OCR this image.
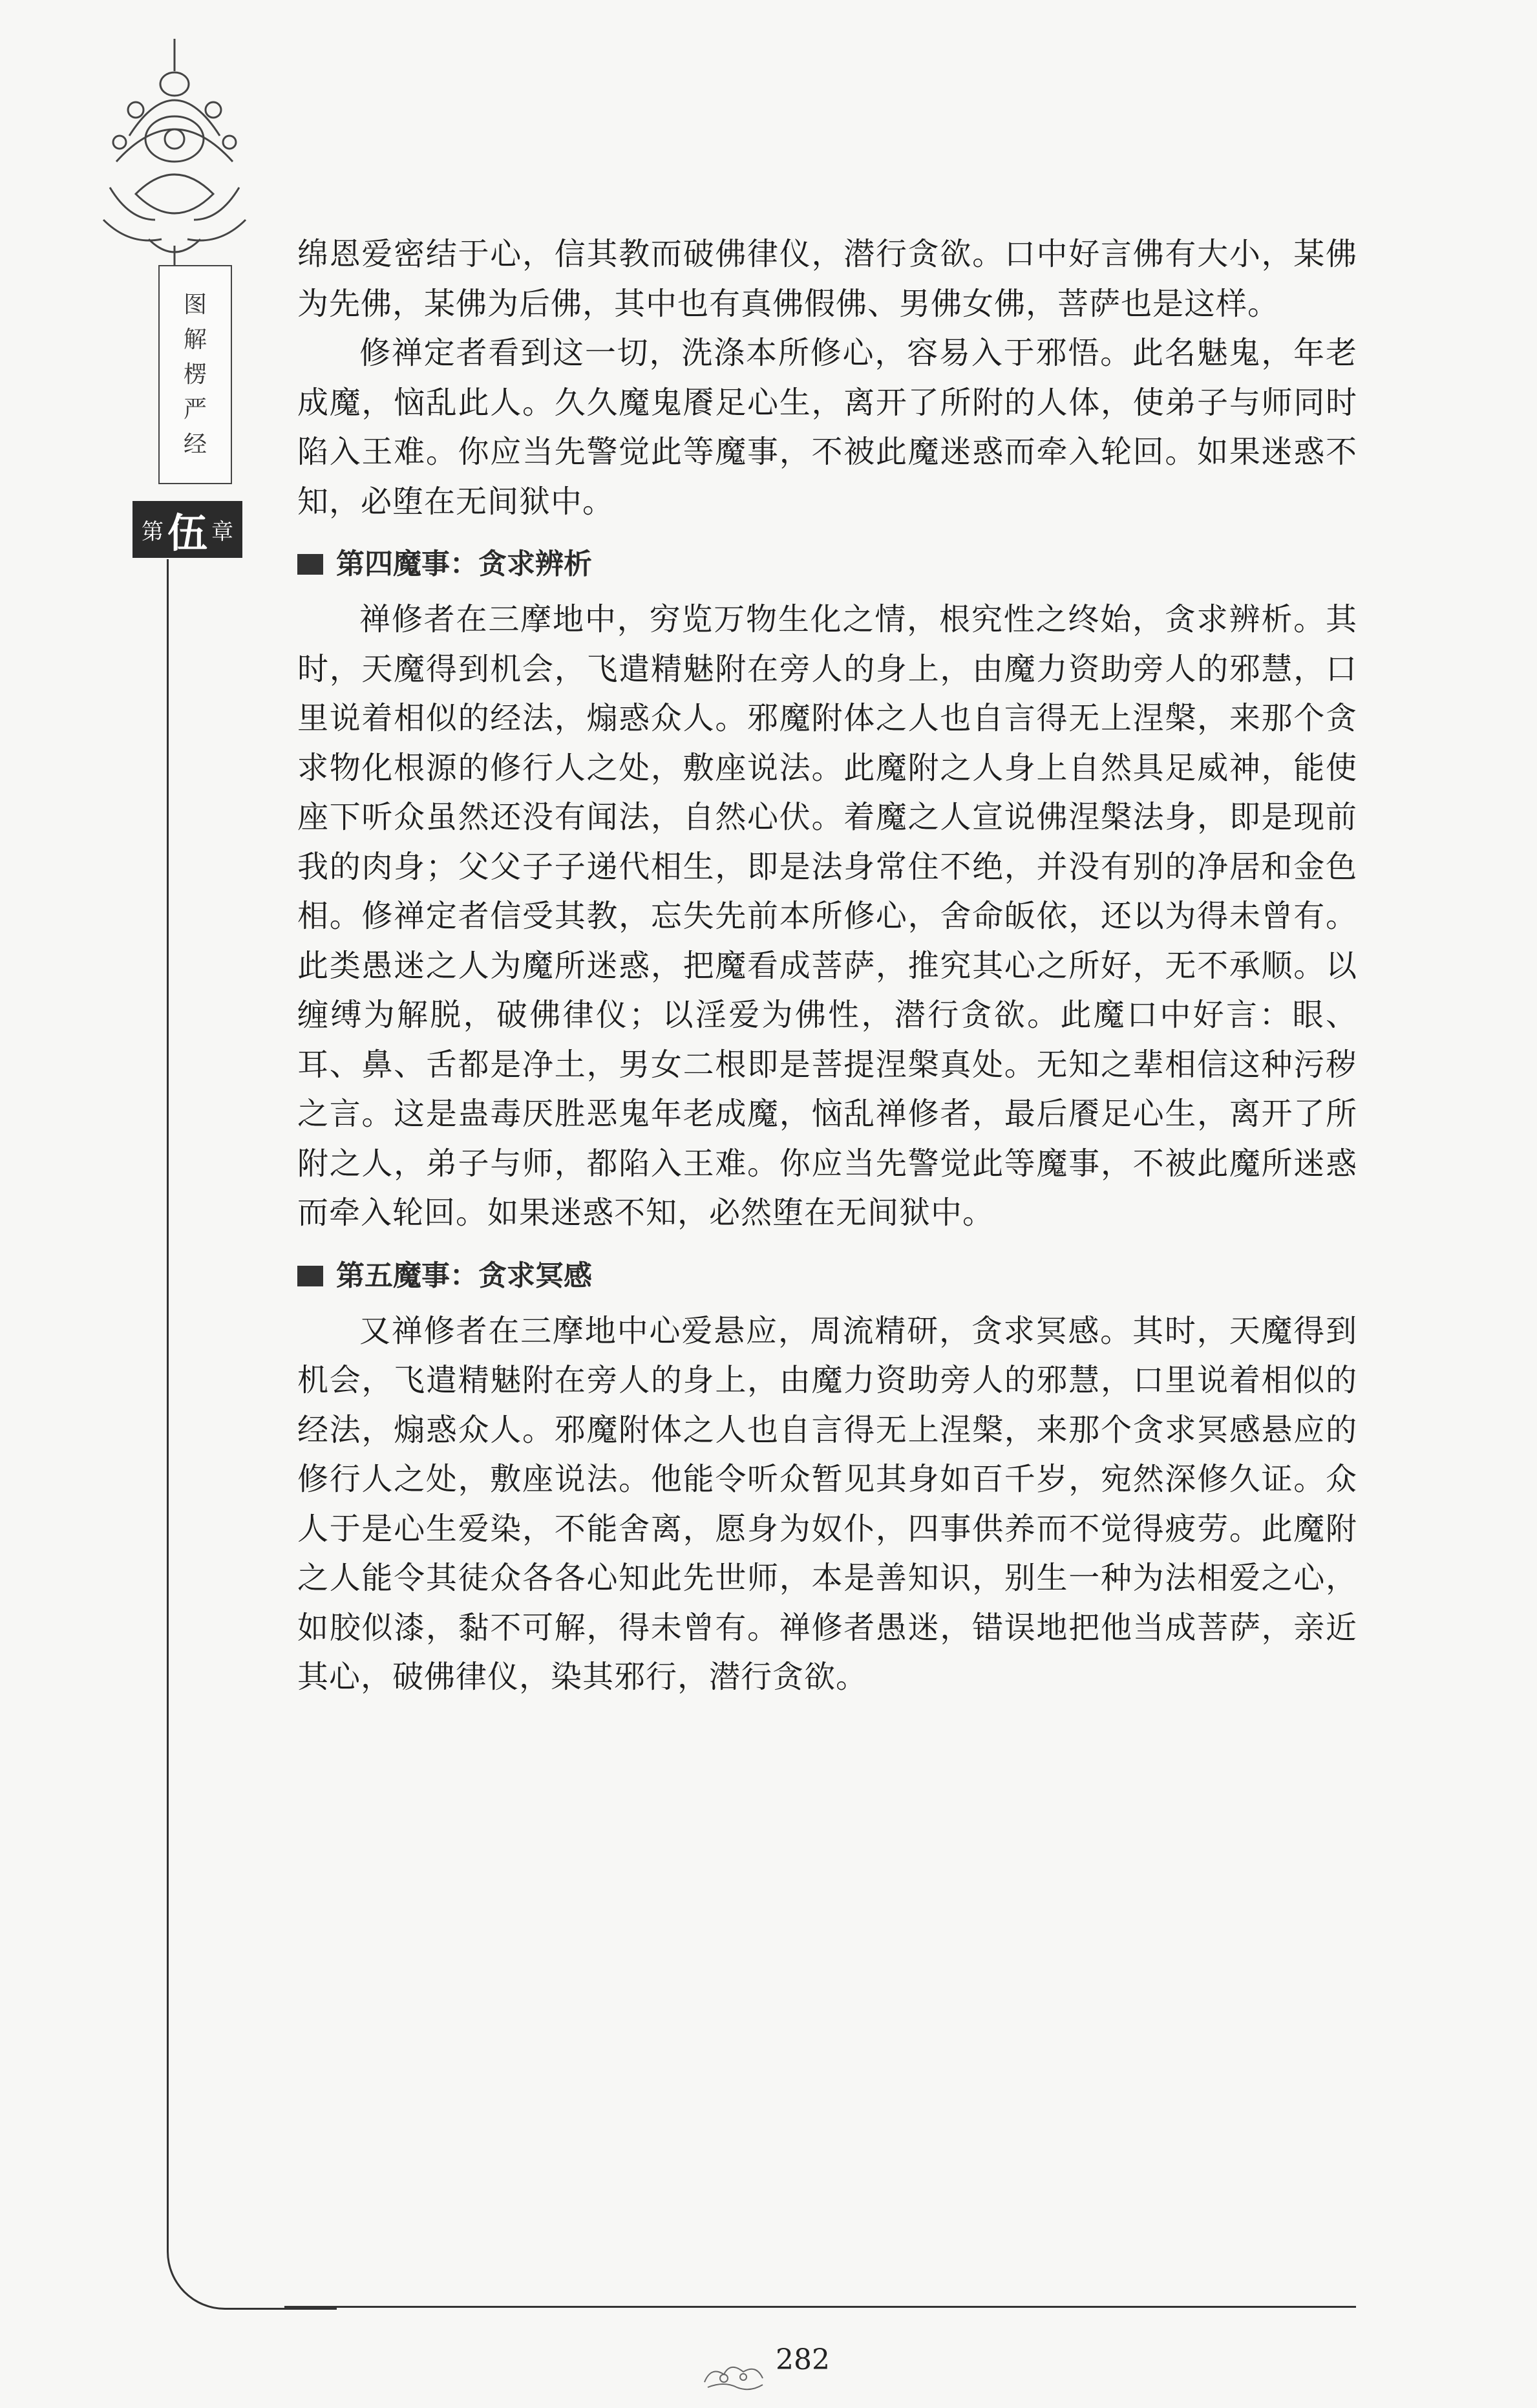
图
解
楞
严
经
第 伍 章

绵恩爱密结于心，信其教而破佛律仪，潜行贪欲。口中好言佛有大小，某佛为先佛，某佛为后佛，其中也有真佛假佛、男佛女佛，菩萨也是这样。

修禅定者看到这一切，洗涤本所修心，容易入于邪悟。此名魅鬼，年老成魔，恼乱此人。久久魔鬼餍足心生，离开了所附的人体，使弟子与师同时陷入王难。你应当先警觉此等魔事，不被此魔迷惑而牵入轮回。如果迷惑不知，必堕在无间狱中。

第四魔事：贪求辨析

禅修者在三摩地中，穷览万物生化之情，根究性之终始，贪求辨析。其时，天魔得到机会，飞遣精魅附在旁人的身上，由魔力资助旁人的邪慧，口里说着相似的经法，煽惑众人。邪魔附体之人也自言得无上涅槃，来那个贪求物化根源的修行人之处，敷座说法。此魔附之人身上自然具足威神，能使座下听众虽然还没有闻法，自然心伏。着魔之人宣说佛涅槃法身，即是现前我的肉身；父父子子递代相生，即是法身常住不绝，并没有别的净居和金色相。修禅定者信受其教，忘失先前本所修心，舍命皈依，还以为得未曾有。此类愚迷之人为魔所迷惑，把魔看成菩萨，推究其心之所好，无不承顺。以缠缚为解脱，破佛律仪；以淫爱为佛性，潜行贪欲。此魔口中好言：眼、耳、鼻、舌都是净土，男女二根即是菩提涅槃真处。无知之辈相信这种污秽之言。这是蛊毒厌胜恶鬼年老成魔，恼乱禅修者，最后餍足心生，离开了所附之人，弟子与师，都陷入王难。你应当先警觉此等魔事，不被此魔所迷惑而牵入轮回。如果迷惑不知，必然堕在无间狱中。

第五魔事：贪求冥感

又禅修者在三摩地中心爱悬应，周流精研，贪求冥感。其时，天魔得到机会，飞遣精魅附在旁人的身上，由魔力资助旁人的邪慧，口里说着相似的经法，煽惑众人。邪魔附体之人也自言得无上涅槃，来那个贪求冥感悬应的修行人之处，敷座说法。他能令听众暂见其身如百千岁，宛然深修久证。众人于是心生爱染，不能舍离，愿身为奴仆，四事供养而不觉得疲劳。此魔附之人能令其徒众各各心知此先世师，本是善知识，别生一种为法相爱之心，如胶似漆，黏不可解，得未曾有。禅修者愚迷，错误地把他当成菩萨，亲近其心，破佛律仪，染其邪行，潜行贪欲。

282
